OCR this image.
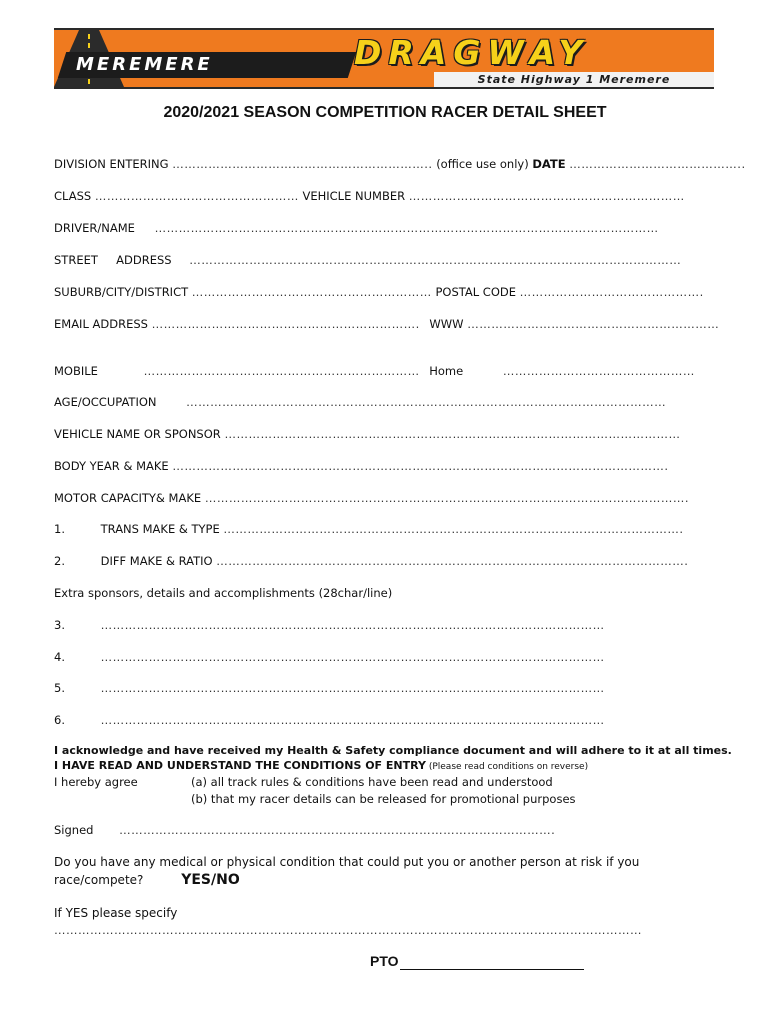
MEREMERE	DRAGWAY
State Highway 1 Meremere
2020/2021 SEASON COMPETITION RACER DETAIL SHEET
DIVISION ENTERING ……………………………………………………….. (office use only) DATE ……………………………………..
CLASS …………………………………………… VEHICLE NUMBER ……………………………………………………………
DRIVER/NAME ………………………………………………………………………………………………………………
STREET     ADDRESS ……………………………………………………………………………………………………………
SUBURB/CITY/DISTRICT …………………………………………………… POSTAL CODE ……………………………………….
EMAIL ADDRESS …………………………………………………………. WWW ………………………………………………………
MOBILE	…………………………………………………………… Home	…………………………………………
AGE/OCCUPATION	…………………………………………………………………………………………………………
VEHICLE NAME OR SPONSOR ……………………………………………………………………………………………………
BODY YEAR & MAKE …………………………………………………………………………………………………………….
MOTOR CAPACITY& MAKE ………………………………………………………………………………………………………….
1.	TRANS MAKE & TYPE …………………………………………………………………………………………………….
2.	DIFF MAKE & RATIO ……………………………………………………………………………………………………….
Extra sponsors, details and accomplishments (28char/line)
3.	………………………………………………………………………………………………………………
4.	………………………………………………………………………………………………………………
5.	………………………………………………………………………………………………………………
6.	………………………………………………………………………………………………………………
I acknowledge and have received my Health & Safety compliance document and will adhere to it at all times.
I HAVE READ AND UNDERSTAND THE CONDITIONS OF ENTRY (Please read conditions on reverse)
I hereby agree	(a) all track rules & conditions have been read and understood
(b) that my racer details can be released for promotional purposes
Signed ……………………………………………………………………………………………….
Do you have any medical or physical condition that could put you or another person at risk if you
race/compete?	YES/NO
If YES please specify
…………………………………………………………………………………………………………………………………
PTO
